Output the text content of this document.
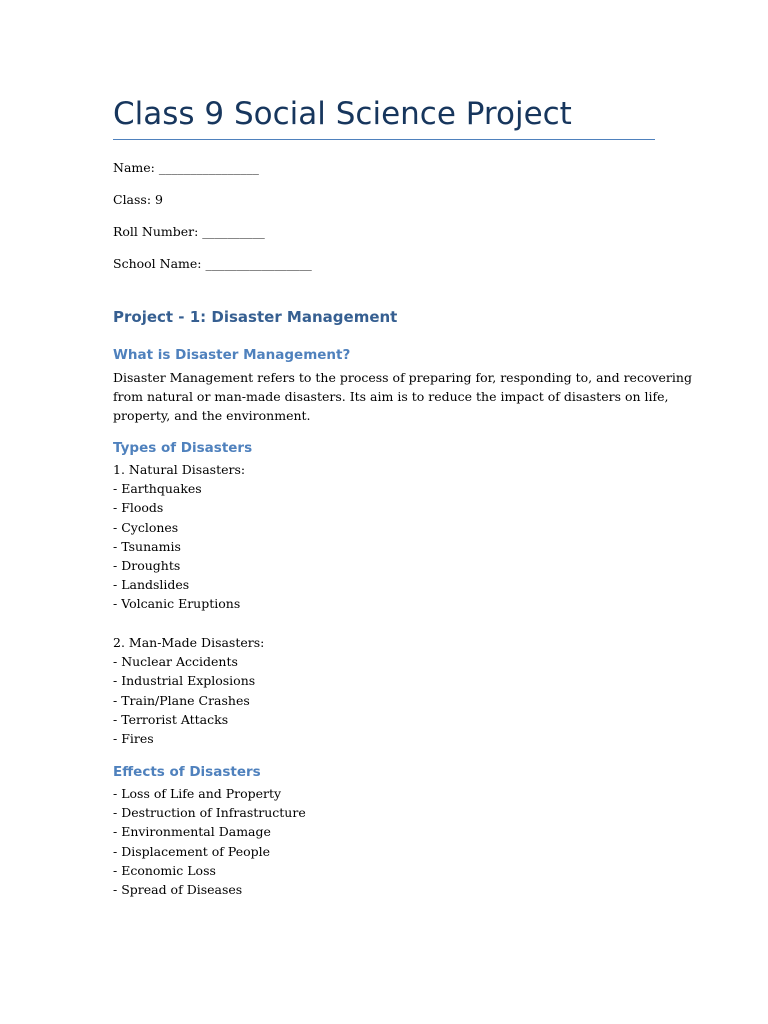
Class 9 Social Science Project

Name: ________________

Class: 9

Roll Number: __________

School Name: _________________

Project - 1: Disaster Management
What is Disaster Management?
Disaster Management refers to the process of preparing for, responding to, and recovering
from natural or man-made disasters. Its aim is to reduce the impact of disasters on life,
property, and the environment.
Types of Disasters
1. Natural Disasters:
- Earthquakes
- Floods
- Cyclones
- Tsunamis
- Droughts
- Landslides
- Volcanic Eruptions
2. Man-Made Disasters:
- Nuclear Accidents
- Industrial Explosions
- Train/Plane Crashes
- Terrorist Attacks
- Fires
Effects of Disasters
- Loss of Life and Property
- Destruction of Infrastructure
- Environmental Damage
- Displacement of People
- Economic Loss
- Spread of Diseases
